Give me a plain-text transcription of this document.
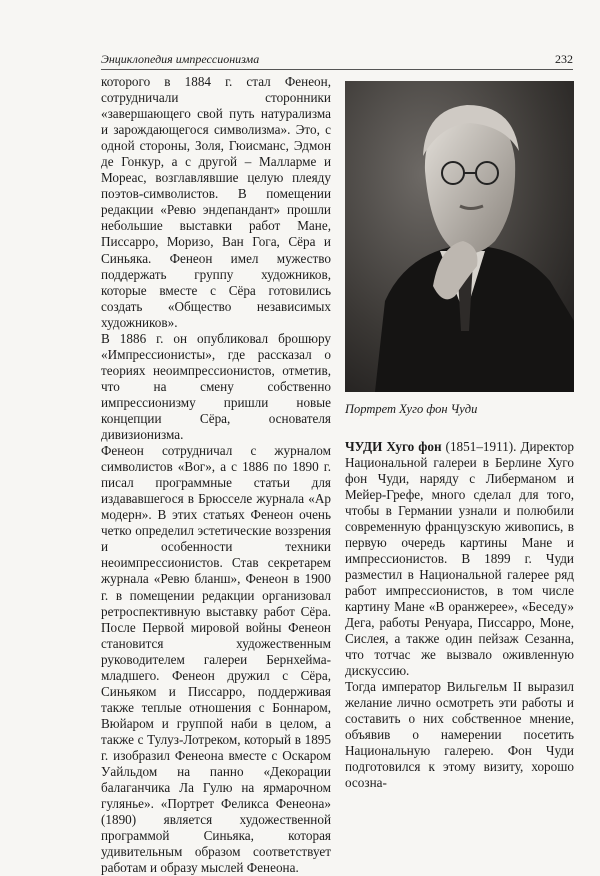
Энциклопедия импрессионизма	232

которого в 1884 г. стал Фенеон, сотрудничали сторонники «завершающего свой путь натурализма и зарождающегося символизма». Это, с одной стороны, Золя, Гюисманс, Эдмон де Гонкур, а с другой – Малларме и Мореас, возглавлявшие целую плеяду поэтов-символистов. В помещении редакции «Ревю эндепандант» прошли небольшие выставки работ Мане, Писсарро, Моризо, Ван Гога, Сёра и Синьяка. Фенеон имел мужество поддержать группу художников, которые вместе с Сёра готовились создать «Общество независимых художников».

В 1886 г. он опубликовал брошюру «Импрессионисты», где рассказал о теориях неоимпрессионистов, отметив, что на смену собственно импрессионизму пришли новые концепции Сёра, основателя дивизионизма.

Фенеон сотрудничал с журналом символистов «Вог», а с 1886 по 1890 г. писал программные статьи для издававшегося в Брюсселе журнала «Ар модерн». В этих статьях Фенеон очень четко определил эстетические воззрения и особенности техники неоимпрессионистов. Став секретарем журнала «Ревю бланш», Фенеон в 1900 г. в помещении редакции организовал ретроспективную выставку работ Сёра. После Первой мировой войны Фенеон становится художественным руководителем галереи Бернхейма-младшего. Фенеон дружил с Сёра, Синьяком и Писсарро, поддерживая также теплые отношения с Боннаром, Вюйаром и группой наби в целом, а также с Тулуз-Лотреком, который в 1895 г. изобразил Фенеона вместе с Оскаром Уайльдом на панно «Декорации балаганчика Ла Гулю на ярмарочном гулянье». «Портрет Феликса Фенеона» (1890) является художественной программой Синьяка, которая удивительным образом соответствует работам и образу мыслей Фенеона.

Портрет Хуго фон Чуди

ЧУДИ Хуго фон (1851–1911). Директор Национальной галереи в Берлине Хуго фон Чуди, наряду с Либерманом и Мейер-Грефе, много сделал для того, чтобы в Германии узнали и полюбили современную французскую живопись, в первую очередь картины Мане и импрессионистов. В 1899 г. Чуди разместил в Национальной галерее ряд работ импрессионистов, в том числе картину Мане «В оранжерее», «Беседу» Дега, работы Ренуара, Писсарро, Моне, Сислея, а также один пейзаж Сезанна, что тотчас же вызвало оживленную дискуссию.

Тогда император Вильгельм II выразил желание лично осмотреть эти работы и составить о них собственное мнение, объявив о намерении посетить Национальную галерею. Фон Чуди подготовился к этому визиту, хорошо осозна-
